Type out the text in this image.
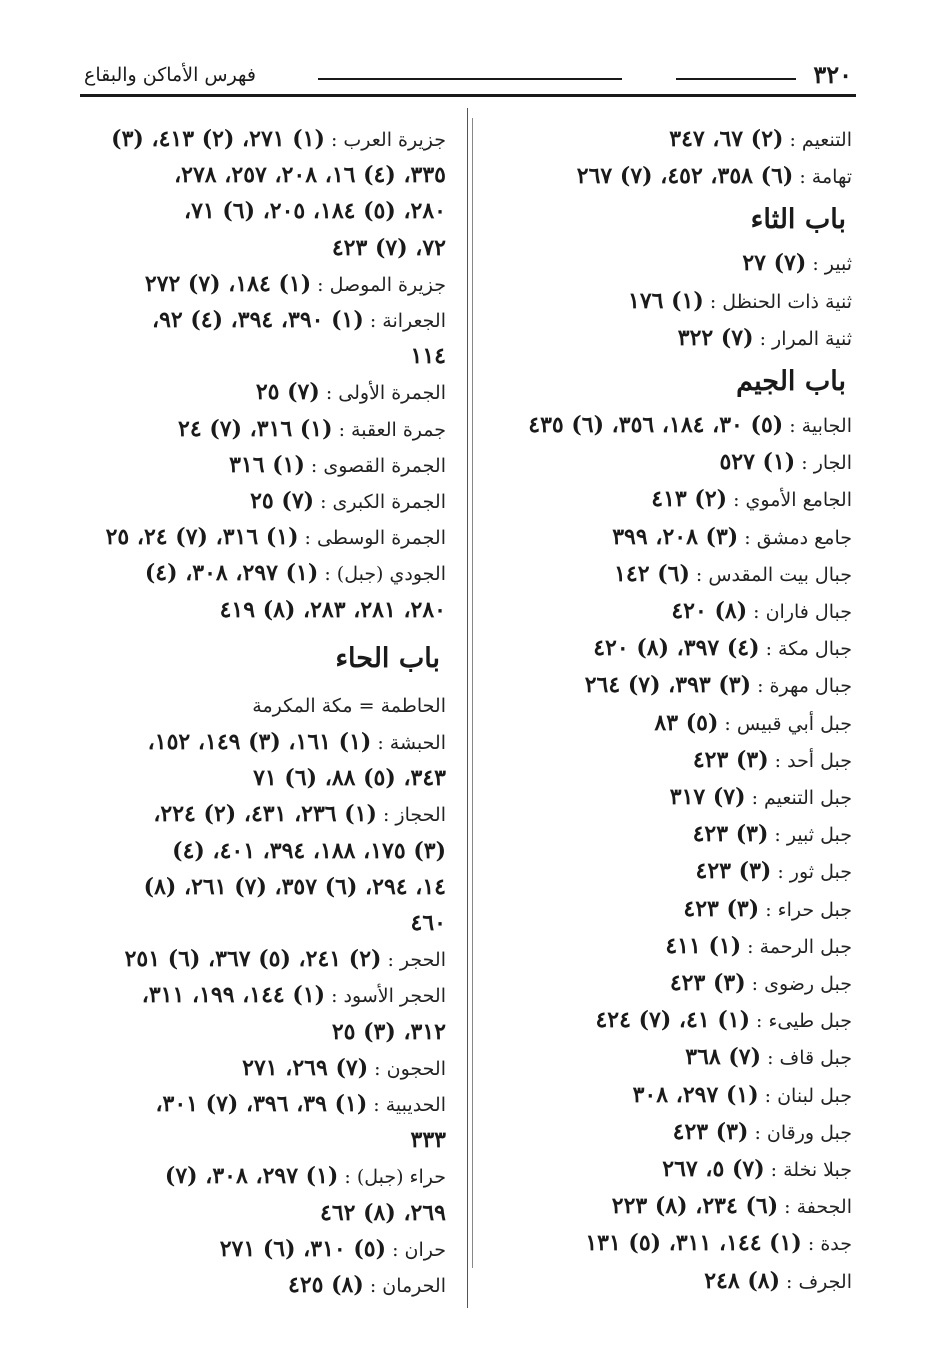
٣٢٠
فهرس الأماكن والبقاع
التنعيم : (٢) ٦٧، ٣٤٧
تهامة : (٦) ٣٥٨، ٤٥٢، (٧) ٢٦٧
باب الثاء
ثبير : (٧) ٢٧
ثنية ذات الحنظل : (١) ١٧٦
ثنية المرار : (٧) ٣٢٢
باب الجيم
الجابية : (٥) ٣٠، ١٨٤، ٣٥٦، (٦) ٤٣٥
الجار : (١) ٥٢٧
الجامع الأموي : (٢) ٤١٣
جامع دمشق : (٣) ٢٠٨، ٣٩٩
جبال بيت المقدس : (٦) ١٤٢
جبال فاران : (٨) ٤٢٠
جبال مكة : (٤) ٣٩٧، (٨) ٤٢٠
جبال مهرة : (٣) ٣٩٣، (٧) ٢٦٤
جبل أبي قبيس : (٥) ٨٣
جبل أحد : (٣) ٤٢٣
جبل التنعيم : (٧) ٣١٧
جبل ثبير : (٣) ٤٢٣
جبل ثور : (٣) ٤٢٣
جبل حراء : (٣) ٤٢٣
جبل الرحمة : (١) ٤١١
جبل رضوى : (٣) ٤٢٣
جبل طيىء : (١) ٤١، (٧) ٤٢٤
جبل قاف : (٧) ٣٦٨
جبل لبنان : (١) ٢٩٧، ٣٠٨
جبل ورقان : (٣) ٤٢٣
جبلا نخلة : (٧) ٥، ٢٦٧
الجحفة : (٦) ٢٣٤، (٨) ٢٢٣
جدة : (١) ١٤٤، ٣١١، (٥) ١٣١
الجرف : (٨) ٢٤٨
جزيرة العرب : (١) ٢٧١، (٢) ٤١٣، (٣)
٣٣٥، (٤) ١٦، ٢٠٨، ٢٥٧، ٢٧٨،
٢٨٠، (٥) ١٨٤، ٢٠٥، (٦) ٧١،
٧٢، (٧) ٤٢٣
جزيرة الموصل : (١) ١٨٤، (٧) ٢٧٢
الجعرانة : (١) ٣٩٠، ٣٩٤، (٤) ٩٢،
١١٤
الجمرة الأولى : (٧) ٢٥
جمرة العقبة : (١) ٣١٦، (٧) ٢٤
الجمرة القصوى : (١) ٣١٦
الجمرة الكبرى : (٧) ٢٥
الجمرة الوسطى : (١) ٣١٦، (٧) ٢٤، ٢٥
الجودي (جبل) : (١) ٢٩٧، ٣٠٨، (٤)
٢٨٠، ٢٨١، ٢٨٣، (٨) ٤١٩
باب الحاء
الحاطمة = مكة المكرمة
الحبشة : (١) ١٦١، (٣) ١٤٩، ١٥٢،
٣٤٣، (٥) ٨٨، (٦) ٧١
الحجاز : (١) ٢٣٦، ٤٣١، (٢) ٢٢٤،
(٣) ١٧٥، ١٨٨، ٣٩٤، ٤٠١، (٤)
١٤، ٢٩٤، (٦) ٣٥٧، (٧) ٢٦١، (٨)
٤٦٠
الحجر : (٢) ٢٤١، (٥) ٣٦٧، (٦) ٢٥١
الحجر الأسود : (١) ١٤٤، ١٩٩، ٣١١،
٣١٢، (٣) ٢٥
الحجون : (٧) ٢٦٩، ٢٧١
الحديبية : (١) ٣٩، ٣٩٦، (٧) ٣٠١،
٣٣٣
حراء (جبل) : (١) ٢٩٧، ٣٠٨، (٧)
٢٦٩، (٨) ٤٦٢
حران : (٥) ٣١٠، (٦) ٢٧١
الحرمان : (٨) ٤٢٥
